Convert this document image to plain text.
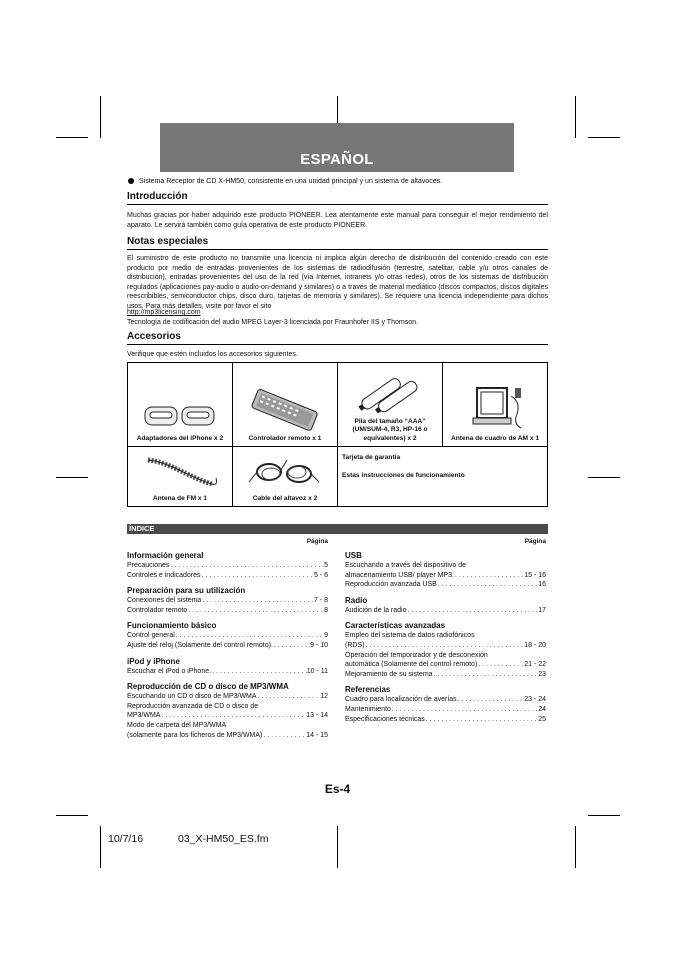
ESPAÑOL
Sistema Receptor de CD X-HM50, consistente en una unidad principal y un sistema de altavoces.
Introducción
Muchas gracias por haber adquirido este producto PIONEER. Lea atentamente este manual para conseguir el mejor rendimiento del aparato. Le servirá también como guía operativa de este producto PIONEER.
Notas especiales
El suministro de este producto no transmite una licencia ni implica algún derecho de distribución del contenido creado con este producto por medio de entradas provenientes de los sistemas de radiodifusión (terrestre, satelitar, cable y/u otros canales de distribución), entradas provenientes del uso de la red (vía Internet, intranets y/o otras redes), otros de los sistemas de distribución regulados (aplicaciones pay-audio o audio-on-demand y similares) o a través de material mediático (discos compactos, discos digitales reescribibles, semiconductor chips, disco duro, tarjetas de memoria y similares). Se requiere una licencia independiente para dichos usos. Para más detalles, visite por favor el sito
http://mp3licensing.com
Tecnología de codificación del audio MPEG Layer-3 licenciada por Fraunhofer IIS y Thomson.
Accesorios
Verifique que estén incluidos los accesorios siguientes.
Adaptadores del iPhone x 2	Controlador remoto x 1	Pila del tamaño “AAA” (UM/SUM-4, R3, HP-16 o equivalentes) x 2	Antena de cuadro de AM x 1

Antena de FM x 1	Cable del altavoz x 2	Tarjeta de garantía
Estas instrucciones de funcionamiento	
ÍNDICE
Página
Información general
Precauciones . . .	5
Controles e indicadores . . .	5 - 6
Preparación para su utilización
Conexiones del sistema . . .	7 - 8
Controlador remoto . . .	8
Funcionamiento básico
Control general . . .	9
Ajuste del reloj (Solamente del control remoto). . . .	9 - 10
iPod y iPhone
Escuchar el iPod o iPhone. . . .	10 - 11
Reproducción de CD o disco de MP3/WMA
Escuchando un CD o disco de MP3/WMA . . .	12
Reproducción avanzada de CD o disco de
MP3/WMA . . .	13 - 14
Modo de carpeta del MP3/WMA
(solamente para los ficheros de MP3/WMA) . . .	14 - 15
Página
USB
Escuchando a través del dispositivo de
almacenamiento USB/ player MP3. . . .	15 - 16
Reproducción avanzada USB . . .	16
Radio
Audición de la radio . . .	17
Características avanzadas
Empleo del sistema de datos radiofónicos
(RDS) . . .	18 - 20
Operación del temporizador y de desconexión
automática (Solamente del control remoto) . . .	21 - 22
Mejoramiento de su sistema . . .	23
Referencias
Cuadro para localización de averías . . .	23 - 24
Mantenimiento . . .	24
Especificaciones técnicas . . .	25
Es-4
10/7/16	03_X-HM50_ES.fm
